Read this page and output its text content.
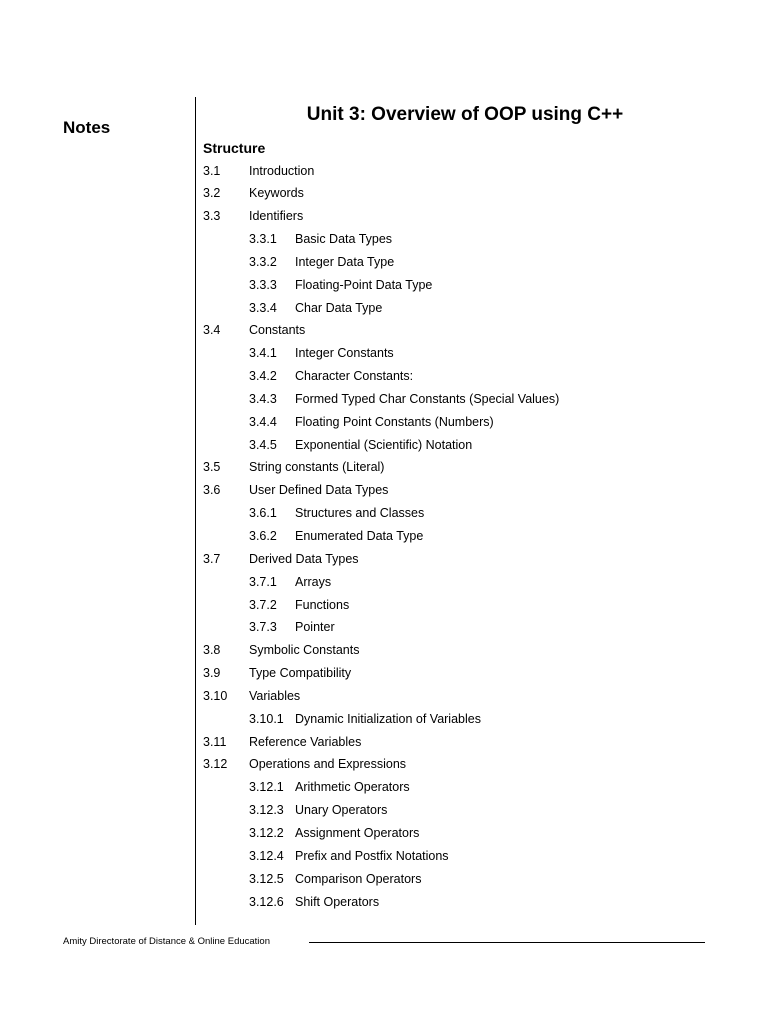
Notes
Unit 3: Overview of OOP using C++
Structure
3.1 Introduction
3.2 Keywords
3.3 Identifiers
3.3.1 Basic Data Types
3.3.2 Integer Data Type
3.3.3 Floating-Point Data Type
3.3.4 Char Data Type
3.4 Constants
3.4.1 Integer Constants
3.4.2 Character Constants:
3.4.3 Formed Typed Char Constants (Special Values)
3.4.4 Floating Point Constants (Numbers)
3.4.5 Exponential (Scientific) Notation
3.5 String constants (Literal)
3.6 User Defined Data Types
3.6.1 Structures and Classes
3.6.2 Enumerated Data Type
3.7 Derived Data Types
3.7.1 Arrays
3.7.2 Functions
3.7.3 Pointer
3.8 Symbolic Constants
3.9 Type Compatibility
3.10 Variables
3.10.1 Dynamic Initialization of Variables
3.11 Reference Variables
3.12 Operations and Expressions
3.12.1 Arithmetic Operators
3.12.3 Unary Operators
3.12.2 Assignment Operators
3.12.4 Prefix and Postfix Notations
3.12.5 Comparison Operators
3.12.6 Shift Operators
Amity Directorate of Distance & Online Education
